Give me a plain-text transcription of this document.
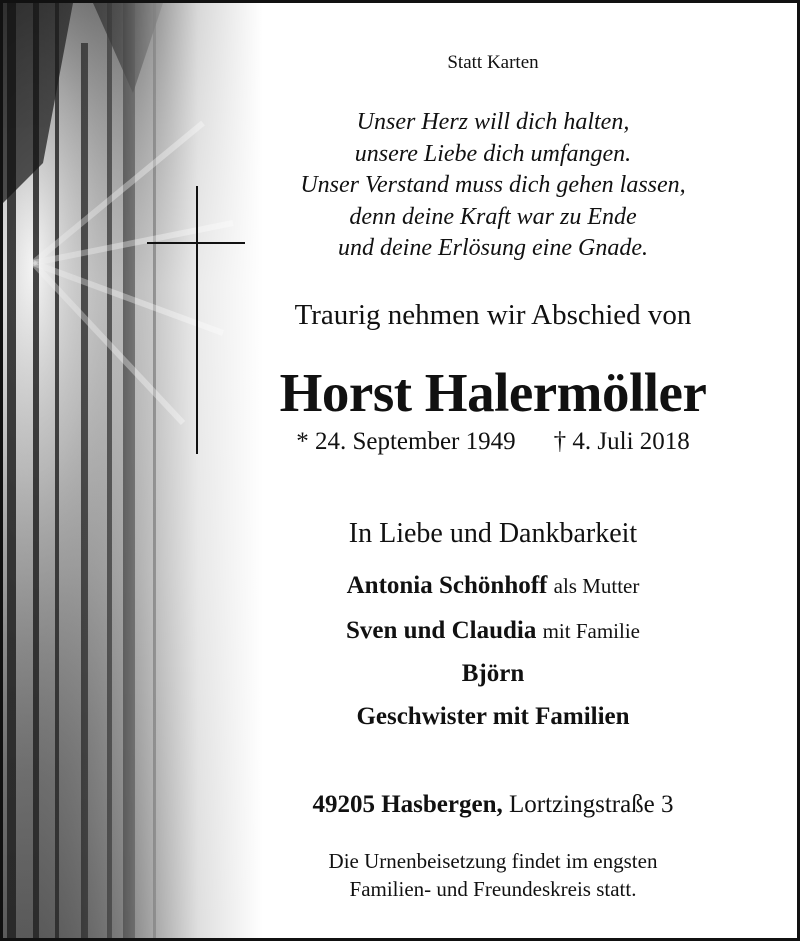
Statt Karten
Unser Herz will dich halten,
unsere Liebe dich umfangen.
Unser Verstand muss dich gehen lassen,
denn deine Kraft war zu Ende
und deine Erlösung eine Gnade.
Traurig nehmen wir Abschied von
Horst Halermöller
* 24. September 1949 † 4. Juli 2018
In Liebe und Dankbarkeit
Antonia Schönhoff als Mutter
Sven und Claudia mit Familie
Björn
Geschwister mit Familien
49205 Hasbergen, Lortzingstraße 3
Die Urnenbeisetzung findet im engsten
Familien- und Freundeskreis statt.
